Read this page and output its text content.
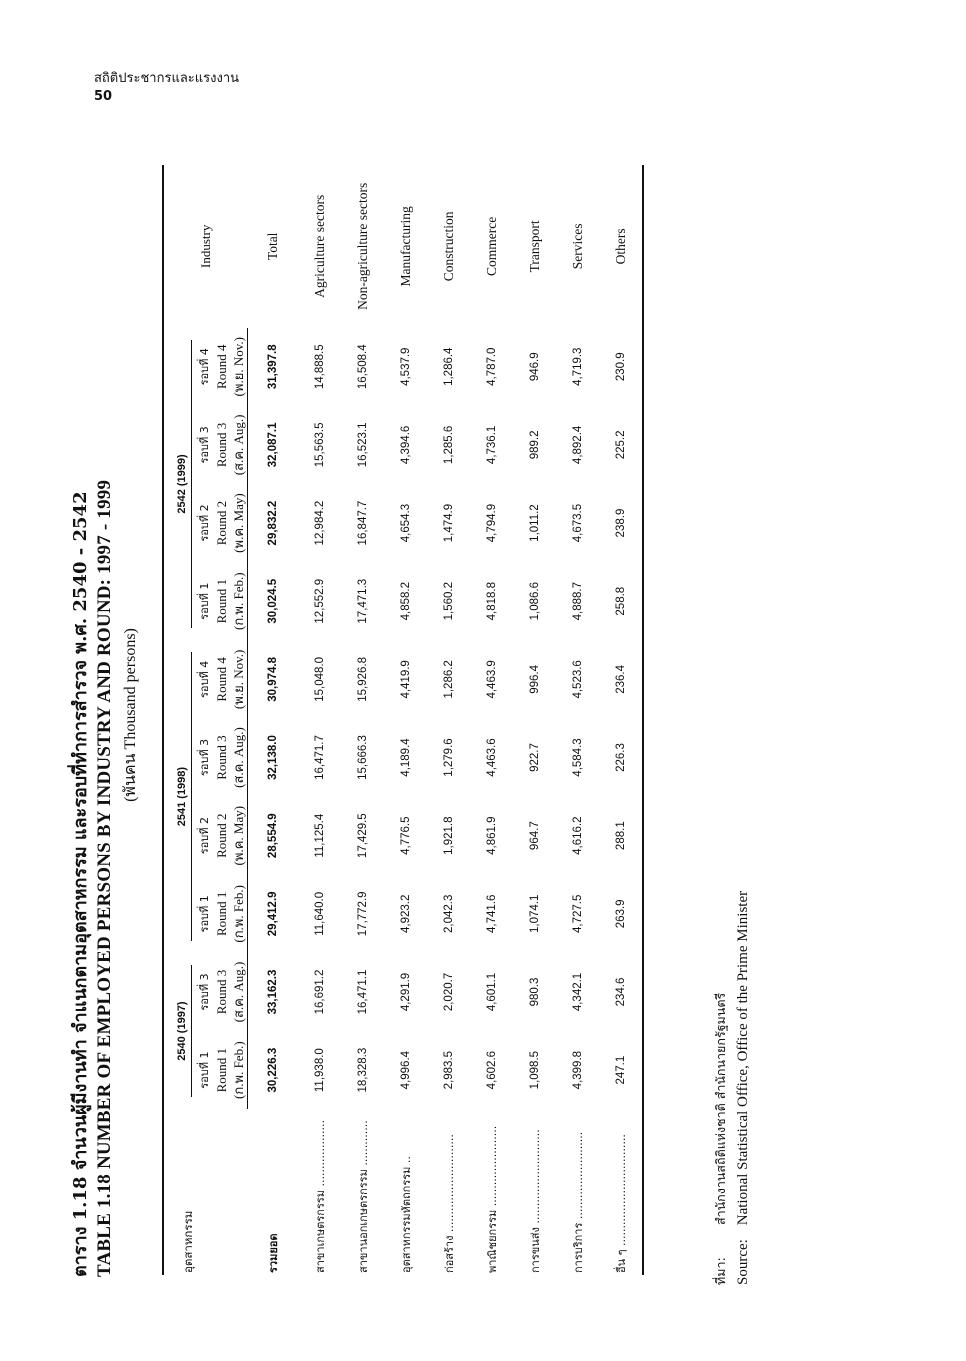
สถิติประชากรและแรงงาน
50
ตาราง 1.18 จำนวนผู้มีงานทำ จำแนกตามอุตสาหกรรม และรอบที่ทำการสำรวจ พ.ศ. 2540 - 2542 TABLE 1.18 NUMBER OF EMPLOYED PERSONS BY INDUSTRY AND ROUND: 1997 - 1999 (พันคน Thousand persons)
อุตสาหกรรม	2540 (1997)		2541 (1998)				2542 (1999)				Industry
	รอบที่ 1	รอบที่ 3	รอบที่ 1	รอบที่ 2	รอบที่ 3	รอบที่ 4	รอบที่ 1	รอบที่ 2	รอบที่ 3	รอบที่ 4	
	Round 1	Round 3	Round 1	Round 2	Round 3	Round 4	Round 1	Round 2	Round 3	Round 4	
	(ก.พ. Feb.)	(ส.ค. Aug.)	(ก.พ. Feb.)	(พ.ค. May)	(ส.ค. Aug.)	(พ.ย. Nov.)	(ก.พ. Feb.)	(พ.ค. May)	(ส.ค. Aug.)	(พ.ย. Nov.)	
รวมยอด	30,226.3	33,162.3	29,412.9	28,554.9	32,138.0	30,974.8	30,024.5	29,832.2	32,087.1	31,397.8	Total
สาขาเกษตรกรรม ...................	11,938.0	16,691.2	11,640.0	11,125.4	16,471.7	15,048.0	12,552.9	12,984.2	15,563.5	14,888.5	Agriculture sectors
สาขานอกเกษตรกรรม .............	18,328.3	16,471.1	17,772.9	17,429.5	15,666.3	15,926.8	17,471.3	16,847.7	16,523.1	16,508.4	Non-agriculture sectors
อุตสาหกรรมหัตถกรรม ..	4,996.4	4,291.9	4,923.2	4,776.5	4,189.4	4,419.9	4,858.2	4,654.3	4,394.6	4,537.9	Manufacturing
ก่อสร้าง ............................	2,983.5	2,020.7	2,042.3	1,921.8	1,279.6	1,286.2	1,560.2	1,474.9	1,285.6	1,286.4	Construction
พาณิชยกรรม .......................	4,602.6	4,601.1	4,741.6	4,861.9	4,463.6	4,463.9	4,818.8	4,794.9	4,736.1	4,787.0	Commerce
การขนส่ง ...........................	1,098.5	980.3	1,074.1	964.7	922.7	996.4	1,086.6	1,011.2	989.2	946.9	Transport
การบริการ .........................	4,399.8	4,342.1	4,727.5	4,616.2	4,584.3	4,523.6	4,888.7	4,673.5	4,892.4	4,719.3	Services
อื่น ๆ ................................	247.1	234.6	263.9	288.1	226.3	236.4	258.8	238.9	225.2	230.9	Others
ที่มา: สำนักงานสถิติแห่งชาติ สำนักนายกรัฐมนตรี
Source: National Statistical Office, Office of the Prime Minister
